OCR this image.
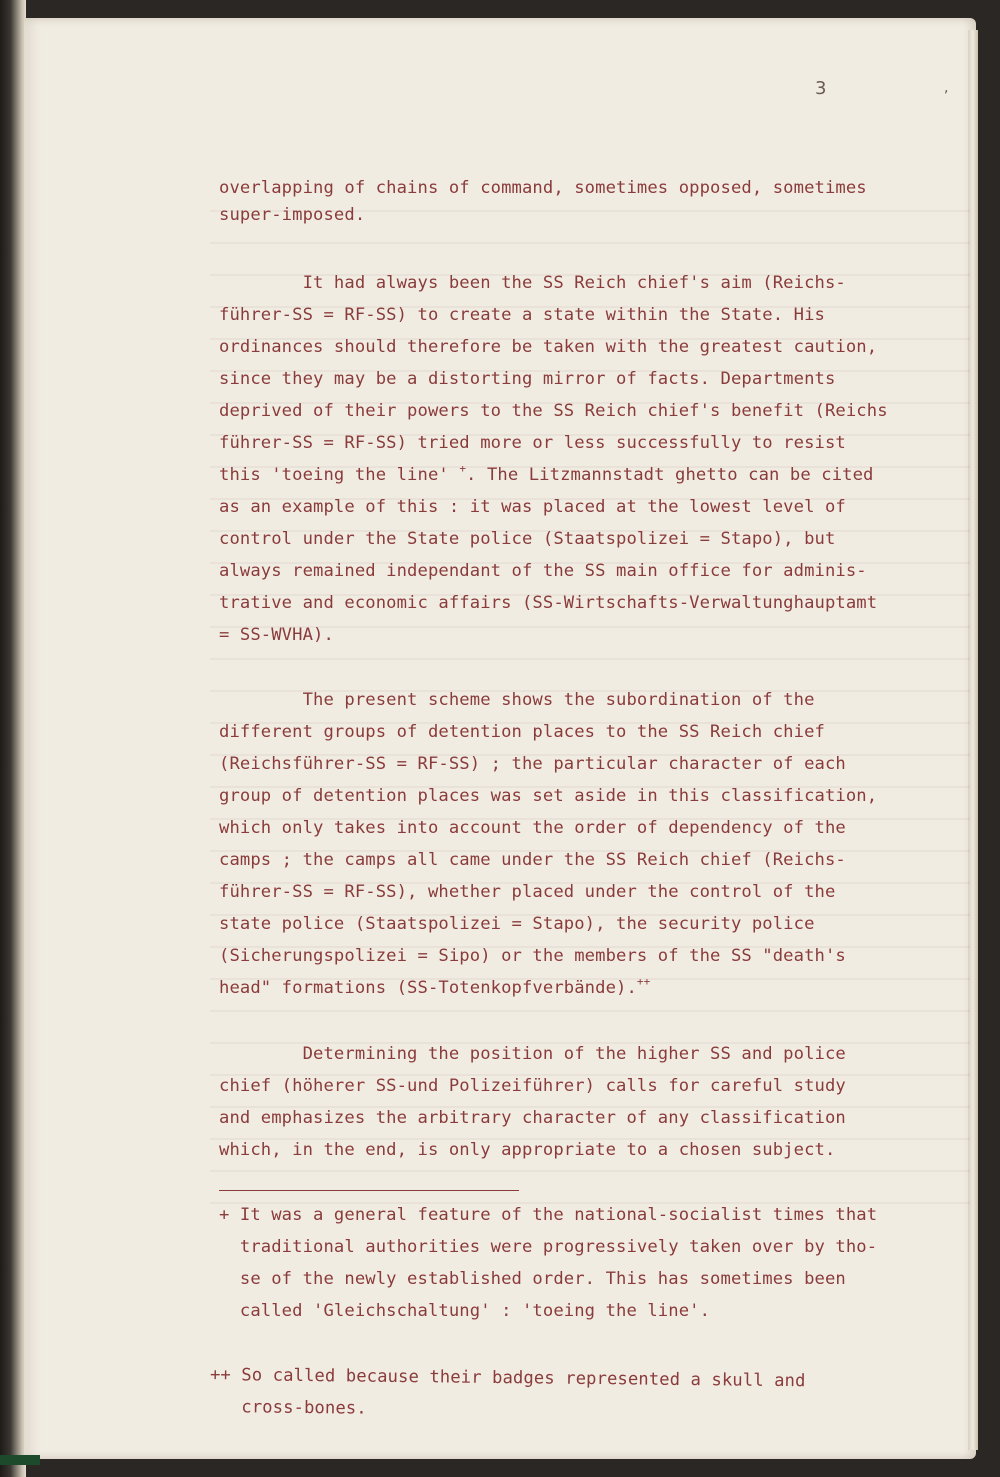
3	,
overlapping of chains of command, sometimes opposed, sometimes
super-imposed.
It had always been the SS Reich chief's aim (Reichs-
führer-SS = RF-SS) to create a state within the State. His
ordinances should therefore be taken with the greatest caution,
since they may be a distorting mirror of facts. Departments
deprived of their powers to the SS Reich chief's benefit (Reichs
führer-SS = RF-SS) tried more or less successfully to resist
this 'toeing the line' +. The Litzmannstadt ghetto can be cited
as an example of this : it was placed at the lowest level of
control under the State police (Staatspolizei = Stapo), but
always remained independant of the SS main office for adminis-
trative and economic affairs (SS-Wirtschafts-Verwaltunghauptamt
= SS-WVHA).
The present scheme shows the subordination of the
different groups of detention places to the SS Reich chief
(Reichsführer-SS = RF-SS) ; the particular character of each
group of detention places was set aside in this classification,
which only takes into account the order of dependency of the
camps ; the camps all came under the SS Reich chief (Reichs-
führer-SS = RF-SS), whether placed under the control of the
state police (Staatspolizei = Stapo), the security police
(Sicherungspolizei = Sipo) or the members of the SS "death's
head" formations (SS-Totenkopfverbände).++
Determining the position of the higher SS and police
chief (höherer SS-und Polizeiführer) calls for careful study
and emphasizes the arbitrary character of any classification
which, in the end, is only appropriate to a chosen subject.
+ It was a general feature of the national-socialist times that
traditional authorities were progressively taken over by tho-
se of the newly established order. This has sometimes been
called 'Gleichschaltung' : 'toeing the line'.
++ So called because their badges represented a skull and
cross-bones.
